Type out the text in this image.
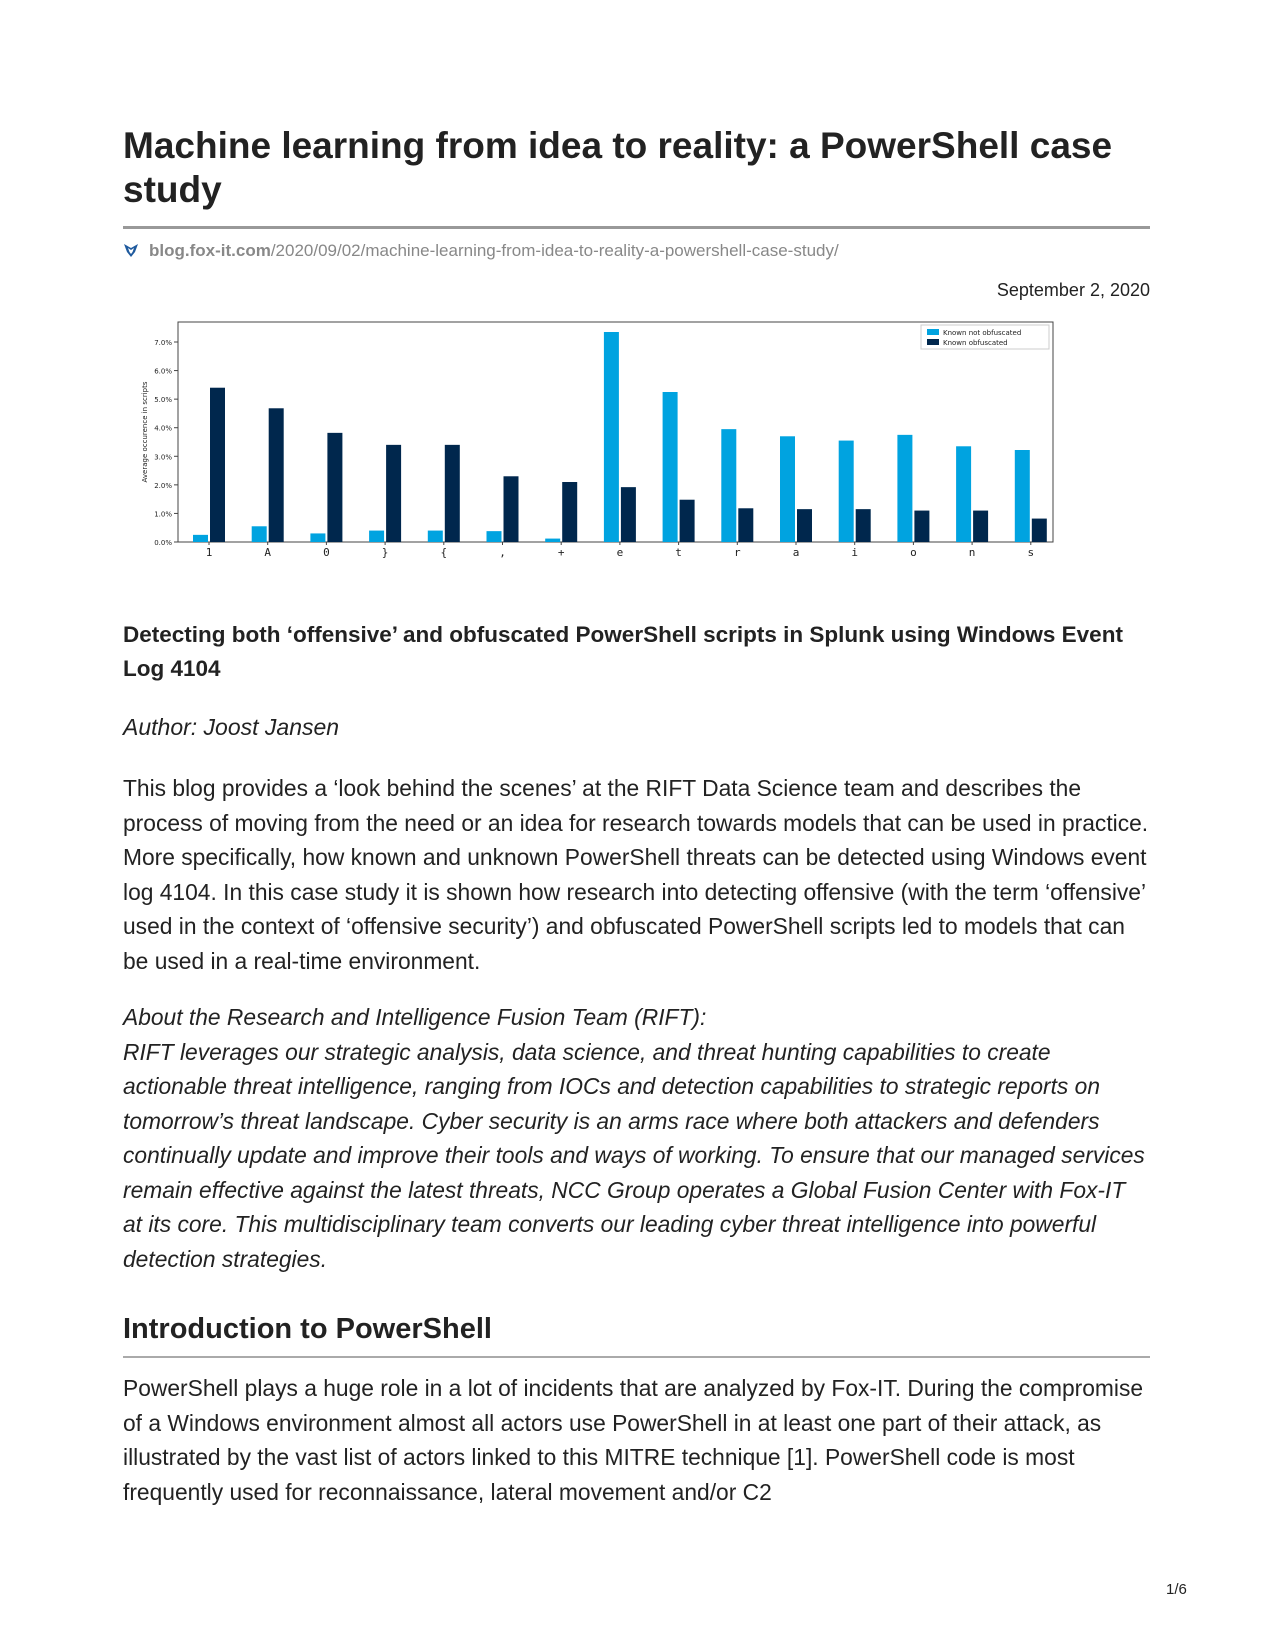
Machine learning from idea to reality: a PowerShell case study
blog.fox-it.com/2020/09/02/machine-learning-from-idea-to-reality-a-powershell-case-study/
September 2, 2020
0.0%
1.0%
2.0%
3.0%
4.0%
5.0%
6.0%
7.0%
Average occurence in scripts
1	A	0	}	{	,	+	e	t	r	a	i	o	n	s
Known not obfuscated
Known obfuscated
Detecting both ‘offensive’ and obfuscated PowerShell scripts in Splunk using Windows Event Log 4104

Author: Joost Jansen

This blog provides a ‘look behind the scenes’ at the RIFT Data Science team and describes the process of moving from the need or an idea for research towards models that can be used in practice. More specifically, how known and unknown PowerShell threats can be detected using Windows event log 4104. In this case study it is shown how research into detecting offensive (with the term ‘offensive’ used in the context of ‘offensive security’) and obfuscated PowerShell scripts led to models that can be used in a real-time environment.

About the Research and Intelligence Fusion Team (RIFT):
RIFT leverages our strategic analysis, data science, and threat hunting capabilities to create actionable threat intelligence, ranging from IOCs and detection capabilities to strategic reports on tomorrow’s threat landscape. Cyber security is an arms race where both attackers and defenders continually update and improve their tools and ways of working. To ensure that our managed services remain effective against the latest threats, NCC Group operates a Global Fusion Center with Fox-IT at its core. This multidisciplinary team converts our leading cyber threat intelligence into powerful detection strategies.
Introduction to PowerShell

PowerShell plays a huge role in a lot of incidents that are analyzed by Fox-IT. During the compromise of a Windows environment almost all actors use PowerShell in at least one part of their attack, as illustrated by the vast list of actors linked to this MITRE technique [1]. PowerShell code is most frequently used for reconnaissance, lateral movement and/or C2

1/6
